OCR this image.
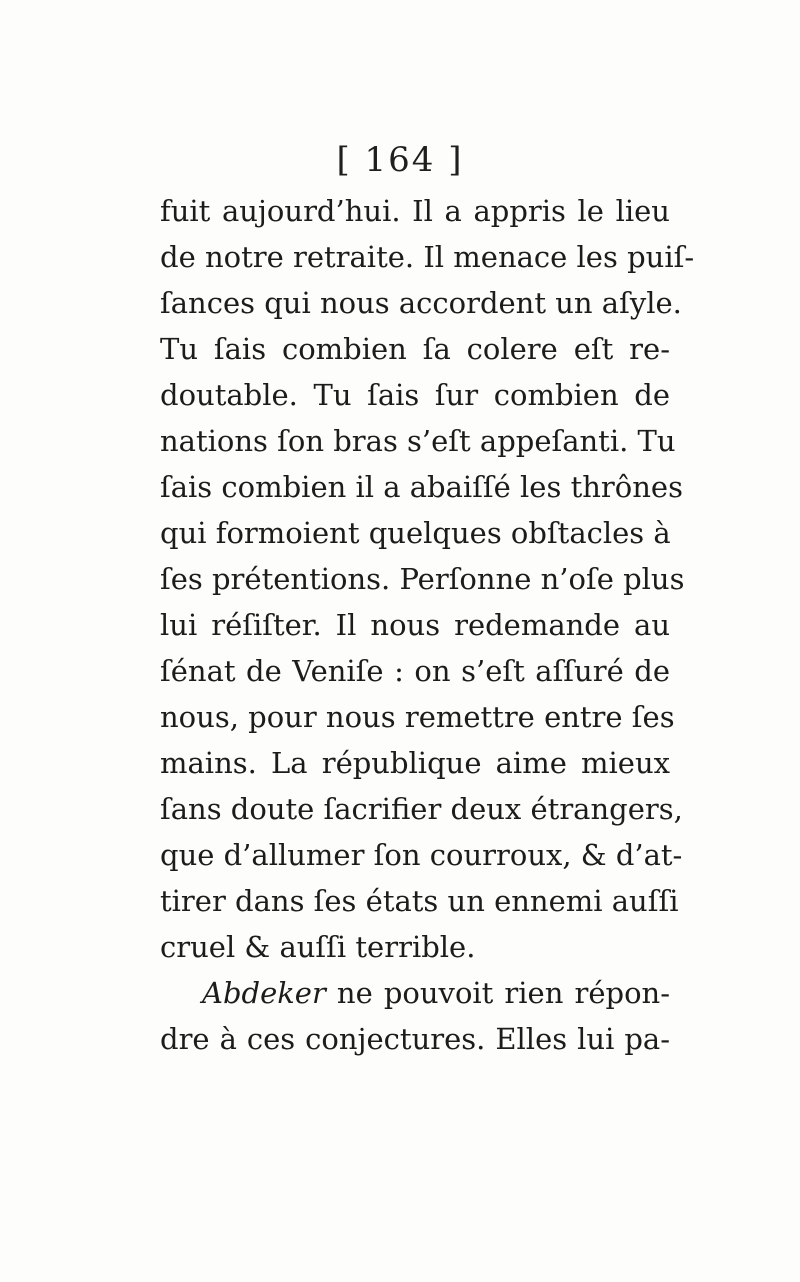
[ 164 ]
fuit aujourd’hui. Il a appris le lieu
de notre retraite. Il menace les puiſ-
ſances qui nous accordent un aſyle.
Tu ſais combien ſa colere eſt re-
doutable. Tu ſais ſur combien de
nations ſon bras s’eſt appeſanti. Tu
ſais combien il a abaiſſé les thrônes
qui formoient quelques obſtacles à
ſes prétentions. Perſonne n’oſe plus
lui réſiſter. Il nous redemande au
ſénat de Veniſe : on s’eſt aſſuré de
nous, pour nous remettre entre ſes
mains. La république aime mieux
ſans doute ſacrifier deux étrangers,
que d’allumer ſon courroux, & d’at-
tirer dans ſes états un ennemi auſſi
cruel & auſſi terrible.
Abdeker ne pouvoit rien répon-
dre à ces conjectures. Elles lui pa-
